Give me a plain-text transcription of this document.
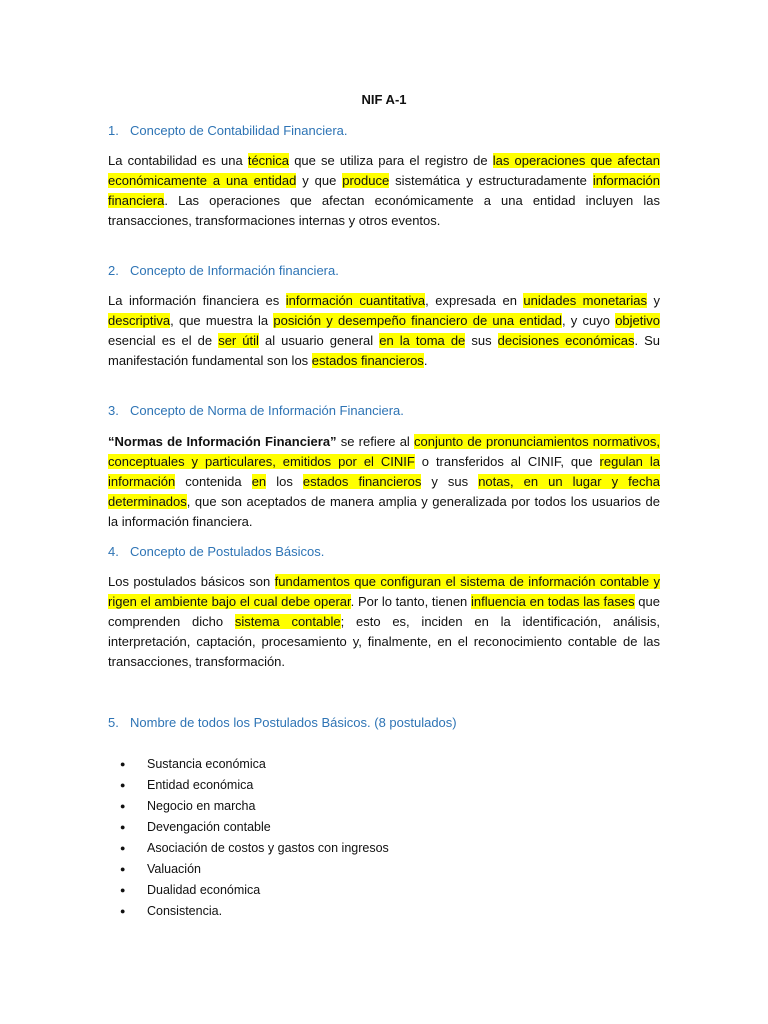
NIF A-1
1. Concepto de Contabilidad Financiera.
La contabilidad es una técnica que se utiliza para el registro de las operaciones que afectan económicamente a una entidad y que produce sistemática y estructuradamente información financiera. Las operaciones que afectan económicamente a una entidad incluyen las transacciones, transformaciones internas y otros eventos.
2. Concepto de Información financiera.
La información financiera es información cuantitativa, expresada en unidades monetarias y descriptiva, que muestra la posición y desempeño financiero de una entidad, y cuyo objetivo esencial es el de ser útil al usuario general en la toma de sus decisiones económicas. Su manifestación fundamental son los estados financieros.
3. Concepto de Norma de Información Financiera.
“Normas de Información Financiera” se refiere al conjunto de pronunciamientos normativos, conceptuales y particulares, emitidos por el CINIF o transferidos al CINIF, que regulan la información contenida en los estados financieros y sus notas, en un lugar y fecha determinados, que son aceptados de manera amplia y generalizada por todos los usuarios de la información financiera.
4. Concepto de Postulados Básicos.
Los postulados básicos son fundamentos que configuran el sistema de información contable y rigen el ambiente bajo el cual debe operar. Por lo tanto, tienen influencia en todas las fases que comprenden dicho sistema contable; esto es, inciden en la identificación, análisis, interpretación, captación, procesamiento y, finalmente, en el reconocimiento contable de las transacciones, transformación.
5. Nombre de todos los Postulados Básicos. (8 postulados)
●	Sustancia económica
●	Entidad económica
●	Negocio en marcha
●	Devengación contable
●	Asociación de costos y gastos con ingresos
●	Valuación
●	Dualidad económica
●	Consistencia.
